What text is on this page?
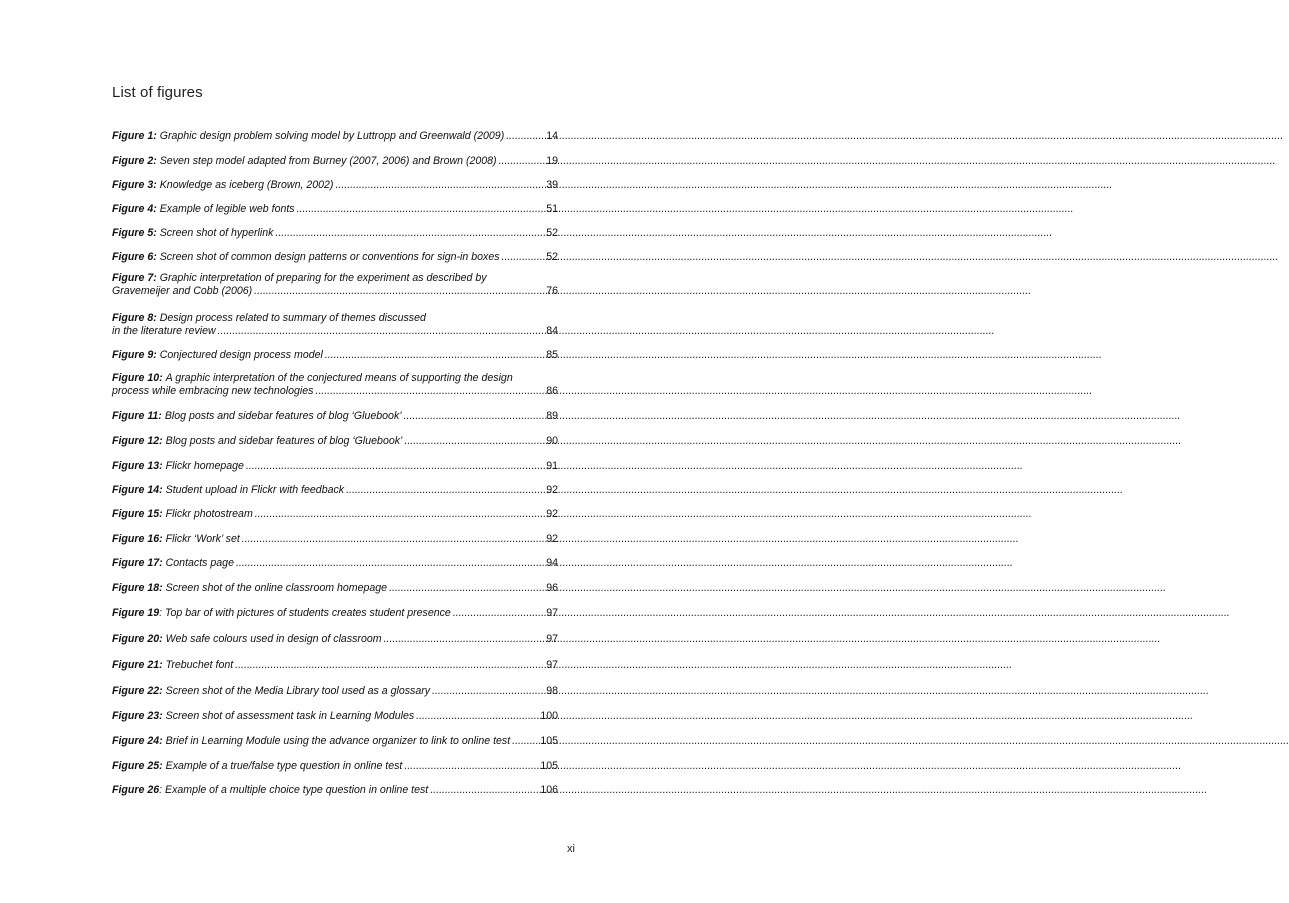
List of figures
Figure 1: Graphic design problem solving model by Luttropp and Greenwald (2009) .....	14
Figure 2: Seven step model adapted from Burney (2007, 2006) and Brown (2008) .....	19
Figure 3: Knowledge as iceberg (Brown, 2002) .....	39
Figure 4: Example of legible web fonts .....	51
Figure 5: Screen shot of hyperlink .....	52
Figure 6: Screen shot of common design patterns or conventions for sign-in boxes .....	52
Figure 7: Graphic interpretation of preparing for the experiment as described by
Gravemeijer and Cobb (2006) .....	76
Figure 8: Design process related to summary of themes discussed
in the literature review .....	84
Figure 9: Conjectured design process model .....	85
Figure 10: A graphic interpretation of the conjectured means of supporting the design
process while embracing new technologies .....	86
Figure 11: Blog posts and sidebar features of blog ‘Gluebook’ .....	89
Figure 12: Blog posts and sidebar features of blog ‘Gluebook’ .....	90
Figure 13: Flickr homepage .....	91
Figure 14: Student upload in Flickr with feedback .....	92
Figure 15: Flickr photostream .....	92
Figure 16: Flickr ‘Work’ set .....	92
Figure 17: Contacts page .....	94
Figure 18: Screen shot of the online classroom homepage .....	96
Figure 19 : Top bar of with pictures of students creates student presence .....	97
Figure 20: Web safe colours used in design of classroom .....	97
Figure 21: Trebuchet font .....	97
Figure 22: Screen shot of the Media Library tool used as a glossary .....	98
Figure 23: Screen shot of assessment task in Learning Modules .....	100
Figure 24: Brief in Learning Module using the advance organizer to link to online test .....	105
Figure 25: Example of a true/false type question in online test .....	105
Figure 26 : Example of a multiple choice type question in online test .....	106
xi
